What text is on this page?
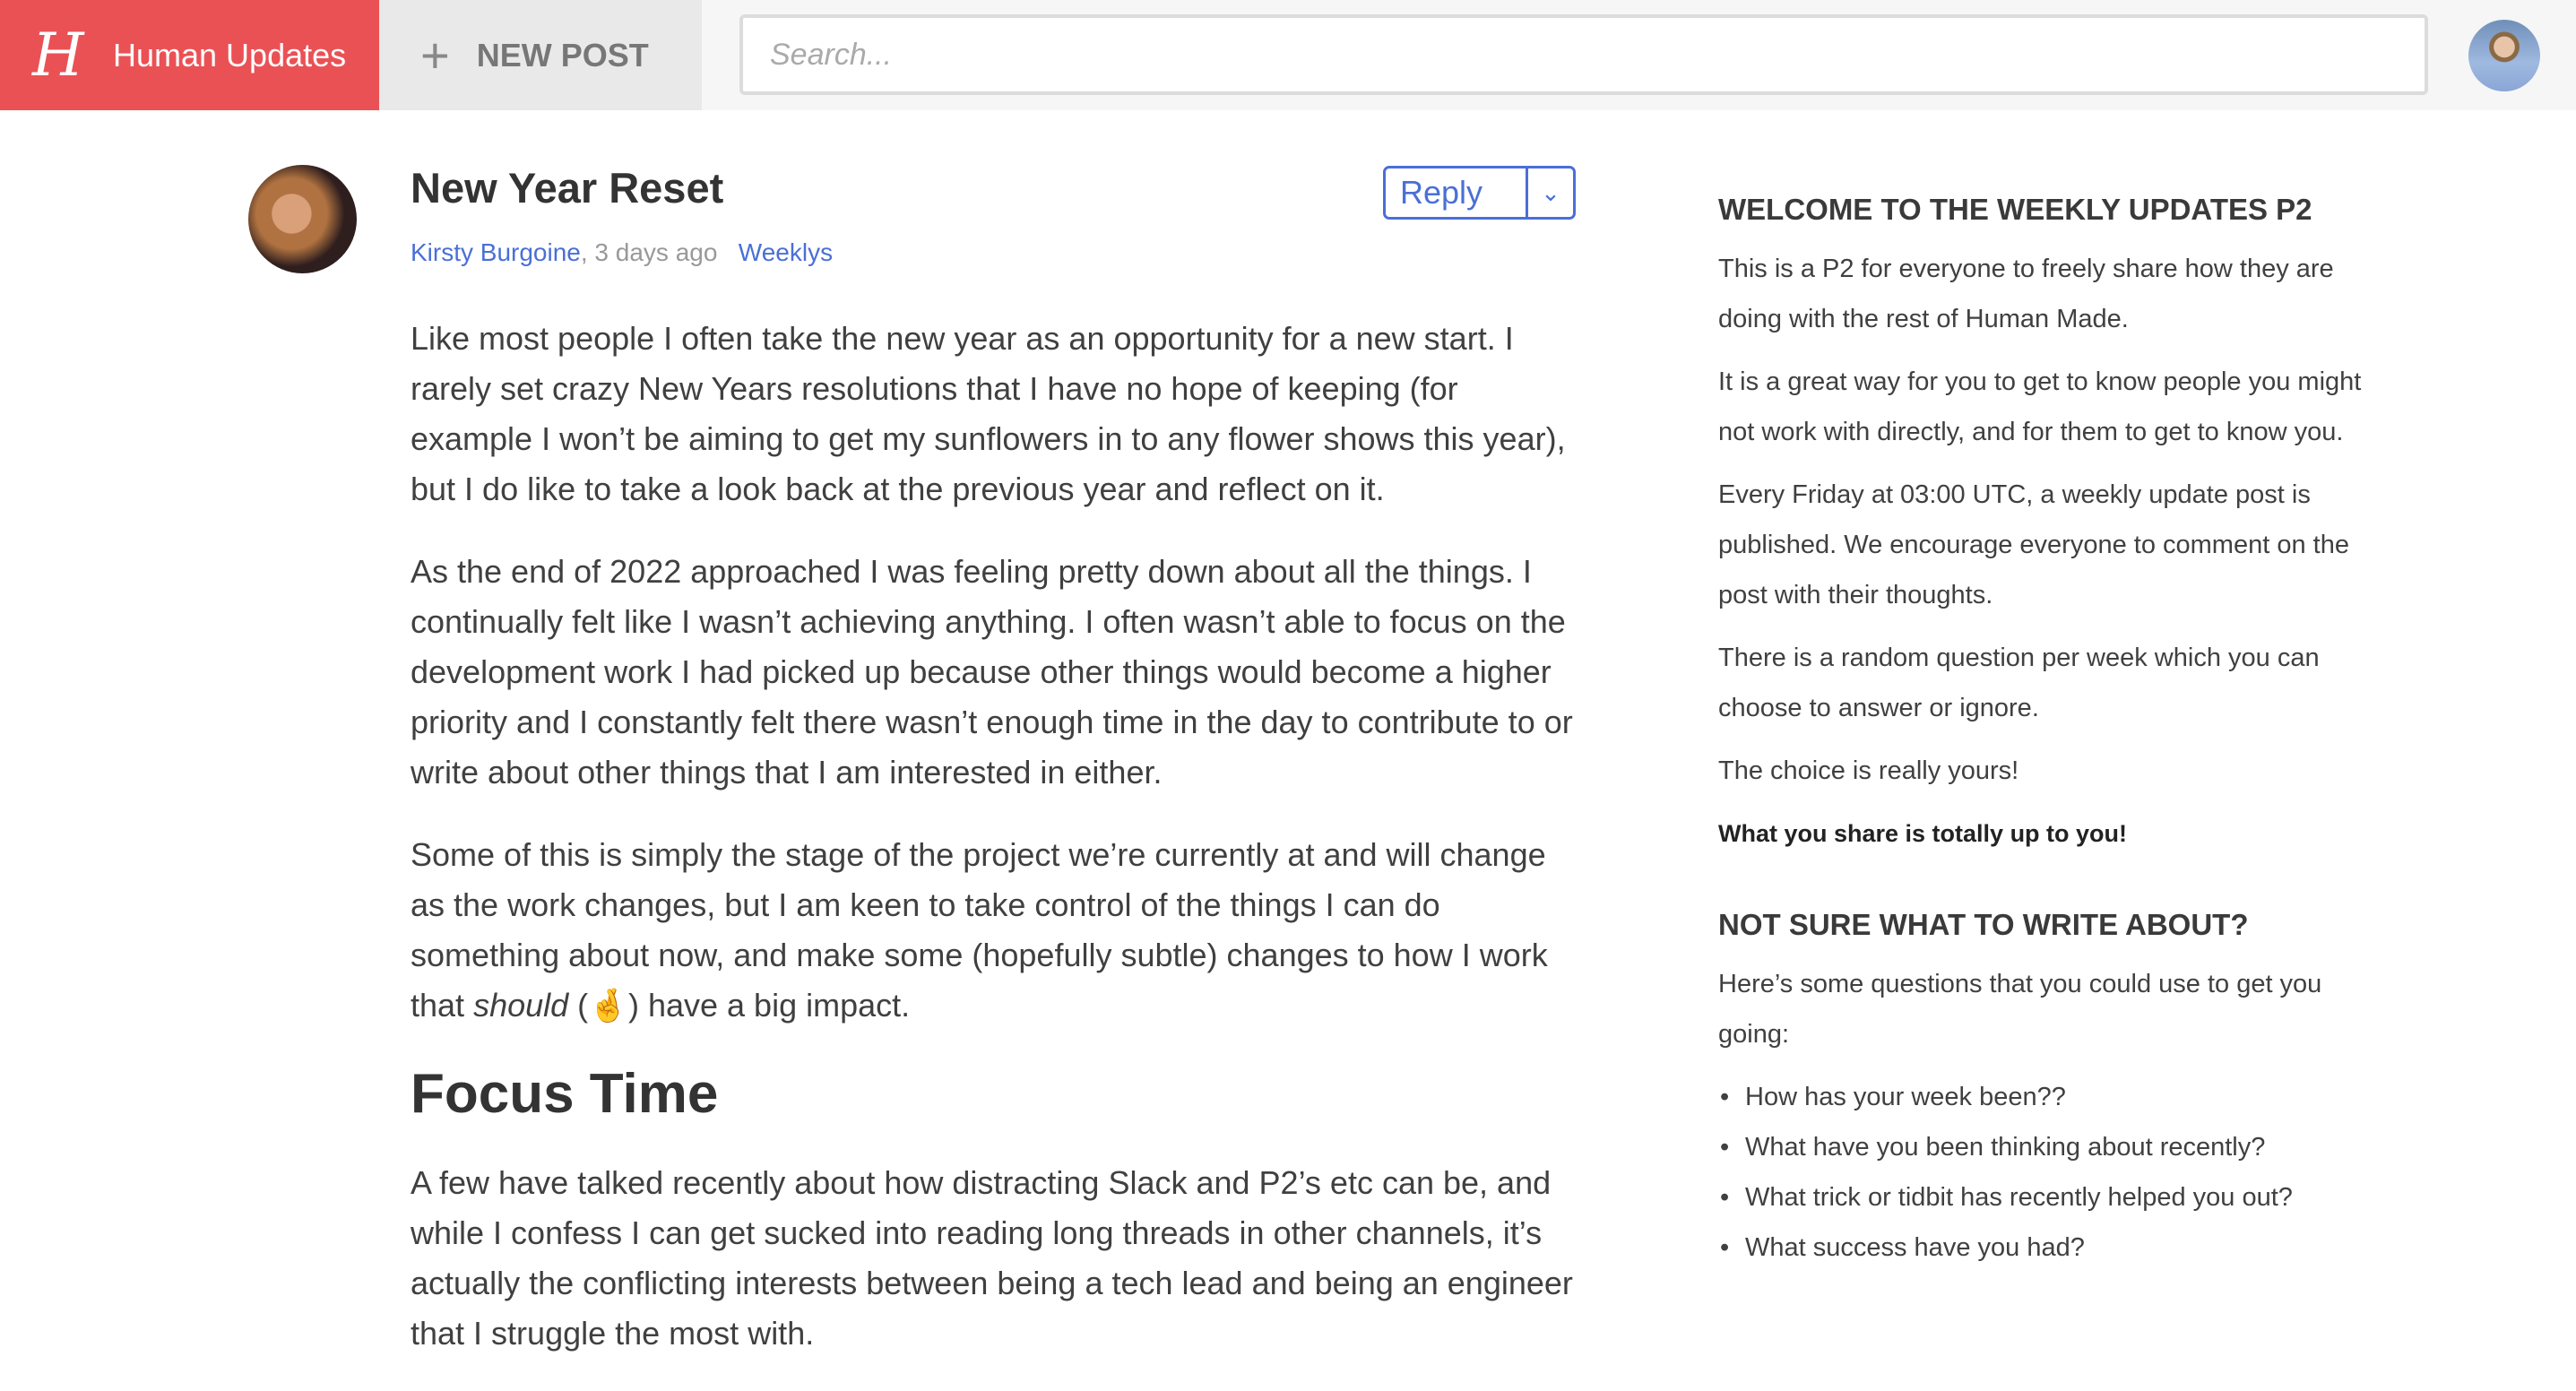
H Human Updates + NEW POST
Search...
New Year Reset	Reply	⌄
Kirsty Burgoine, 3 days ago Weeklys

Like most people I often take the new year as an opportunity for a new start. I rarely set crazy New Years resolutions that I have no hope of keeping (for example I won’t be aiming to get my sunflowers in to any flower shows this year), but I do like to take a look back at the previous year and reflect on it.

As the end of 2022 approached I was feeling pretty down about all the things. I continually felt like I wasn’t achieving anything. I often wasn’t able to focus on the development work I had picked up because other things would become a higher priority and I constantly felt there wasn’t enough time in the day to contribute to or write about other things that I am interested in either.

Some of this is simply the stage of the project we’re currently at and will change as the work changes, but I am keen to take control of the things I can do something about now, and make some (hopefully subtle) changes to how I work that should (🤞) have a big impact.

Focus Time

A few have talked recently about how distracting Slack and P2’s etc can be, and while I confess I can get sucked into reading long threads in other channels, it’s actually the conflicting interests between being a tech lead and being an engineer that I struggle the most with.

WELCOME TO THE WEEKLY UPDATES P2

This is a P2 for everyone to freely share how they are doing with the rest of Human Made.

It is a great way for you to get to know people you might not work with directly, and for them to get to know you.

Every Friday at 03:00 UTC, a weekly update post is published. We encourage everyone to comment on the post with their thoughts.

There is a random question per week which you can choose to answer or ignore.

The choice is really yours!

What you share is totally up to you!

NOT SURE WHAT TO WRITE ABOUT?

Here’s some questions that you could use to get you going:

• How has your week been??
• What have you been thinking about recently?
• What trick or tidbit has recently helped you out?
• What success have you had?
